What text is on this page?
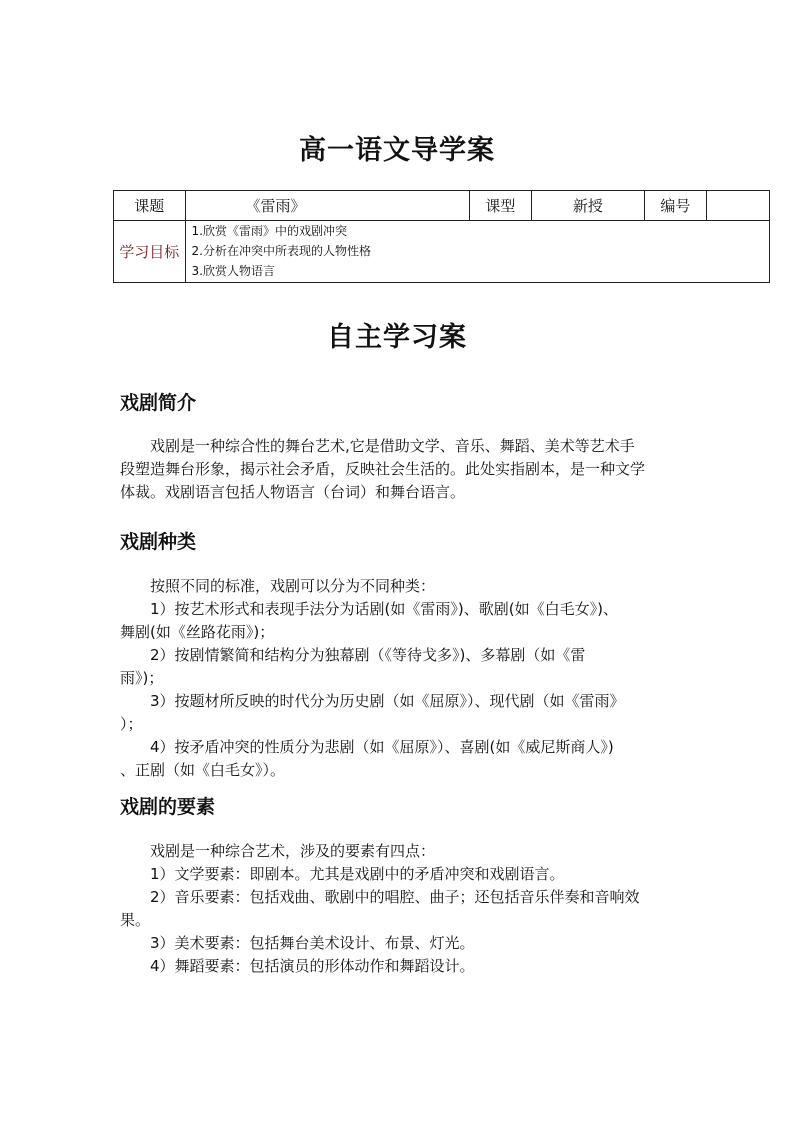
高一语文导学案
课题	《雷雨》	课型	新授	编号	
学习目标	1.欣赏《雷雨》中的戏剧冲突
2.分析在冲突中所表现的人物性格
3.欣赏人物语言				
自主学习案
戏剧简介
戏剧是一种综合性的舞台艺术,它是借助文学、音乐、舞蹈、美术等艺术手
段塑造舞台形象，揭示社会矛盾，反映社会生活的。此处实指剧本，是一种文学
体裁。戏剧语言包括人物语言（台词）和舞台语言。
戏剧种类
按照不同的标准，戏剧可以分为不同种类：
1）按艺术形式和表现手法分为话剧(如《雷雨》)、歌剧(如《白毛女》)、
舞剧(如《丝路花雨》)；
2）按剧情繁简和结构分为独幕剧（《等待戈多》)、多幕剧（如《雷
雨》)；
3）按题材所反映的时代分为历史剧（如《屈原》）、现代剧（如《雷雨》
）；
4）按矛盾冲突的性质分为悲剧（如《屈原》）、喜剧(如《威尼斯商人》)
、正剧（如《白毛女》）。
戏剧的要素
戏剧是一种综合艺术，涉及的要素有四点：
1）文学要素：即剧本。尤其是戏剧中的矛盾冲突和戏剧语言。
2）音乐要素：包括戏曲、歌剧中的唱腔、曲子；还包括音乐伴奏和音响效
果。
3）美术要素：包括舞台美术设计、布景、灯光。
4）舞蹈要素：包括演员的形体动作和舞蹈设计。
